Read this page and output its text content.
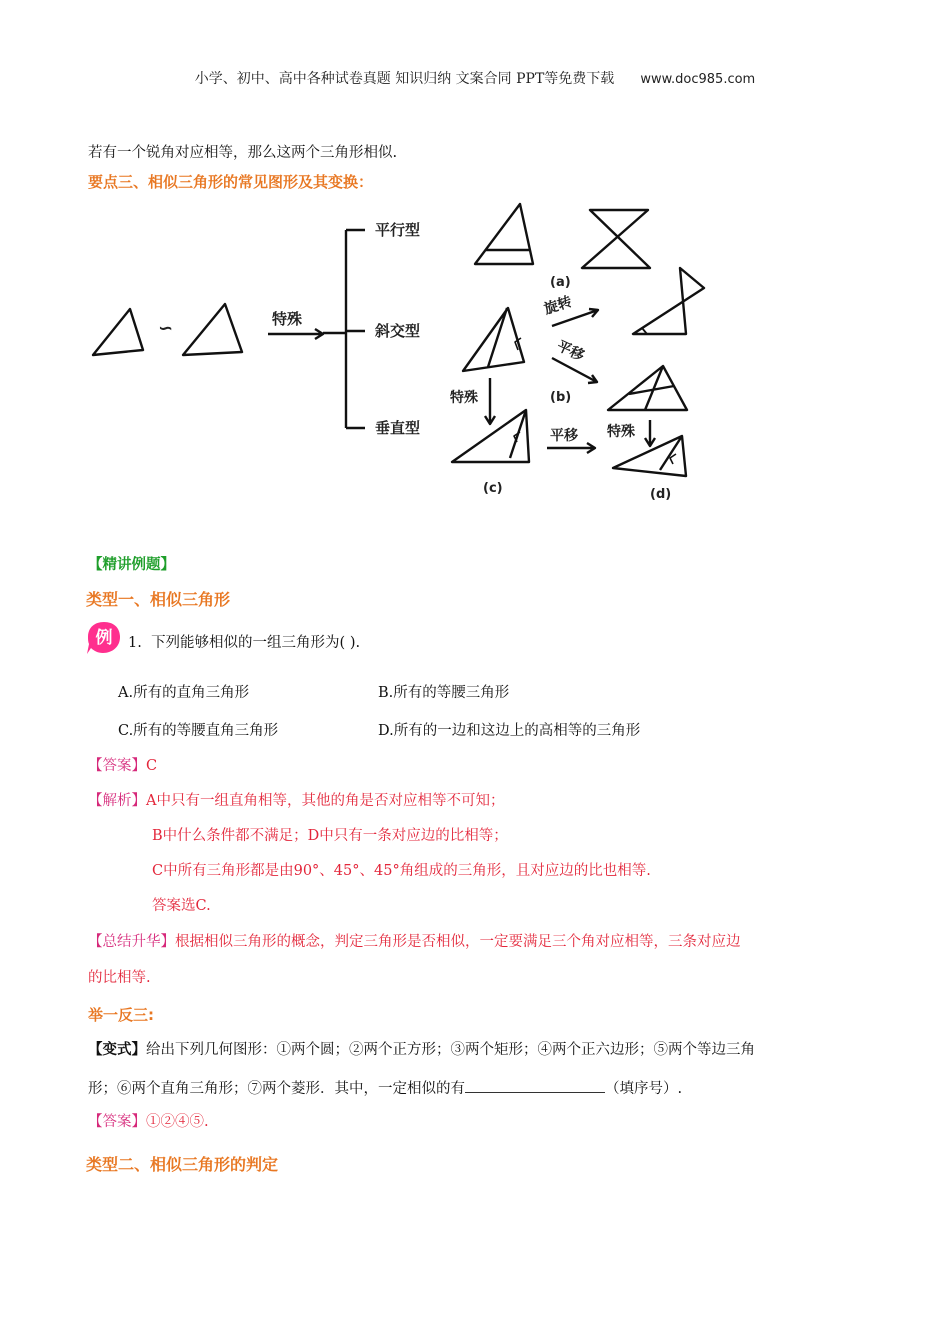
小学、初中、高中各种试卷真题 知识归纳 文案合同 PPT等免费下载 www.doc985.com
若有一个锐角对应相等，那么这两个三角形相似.
要点三、相似三角形的常见图形及其变换：
∽	特殊
平行型
斜交型
垂直型
(a)
(b)
(c)	(d)
旋转
平移
特殊
平移 特殊
【精讲例题】
类型一、相似三角形
例 1. 下列能够相似的一组三角形为( ).
A.所有的直角三角形	B.所有的等腰三角形
C.所有的等腰直角三角形	D.所有的一边和这边上的高相等的三角形
【答案】C
【解析】A中只有一组直角相等，其他的角是否对应相等不可知；
B中什么条件都不满足；D中只有一条对应边的比相等；
C中所有三角形都是由90°、45°、45°角组成的三角形，且对应边的比也相等.
答案选C.
【总结升华】根据相似三角形的概念，判定三角形是否相似，一定要满足三个角对应相等，三条对应边
的比相等.
举一反三:
【变式】给出下列几何图形：①两个圆；②两个正方形；③两个矩形；④两个正六边形；⑤两个等边三角
形；⑥两个直角三角形；⑦两个菱形．其中，一定相似的有	（填序号）.
【答案】①②④⑤.
类型二、相似三角形的判定
